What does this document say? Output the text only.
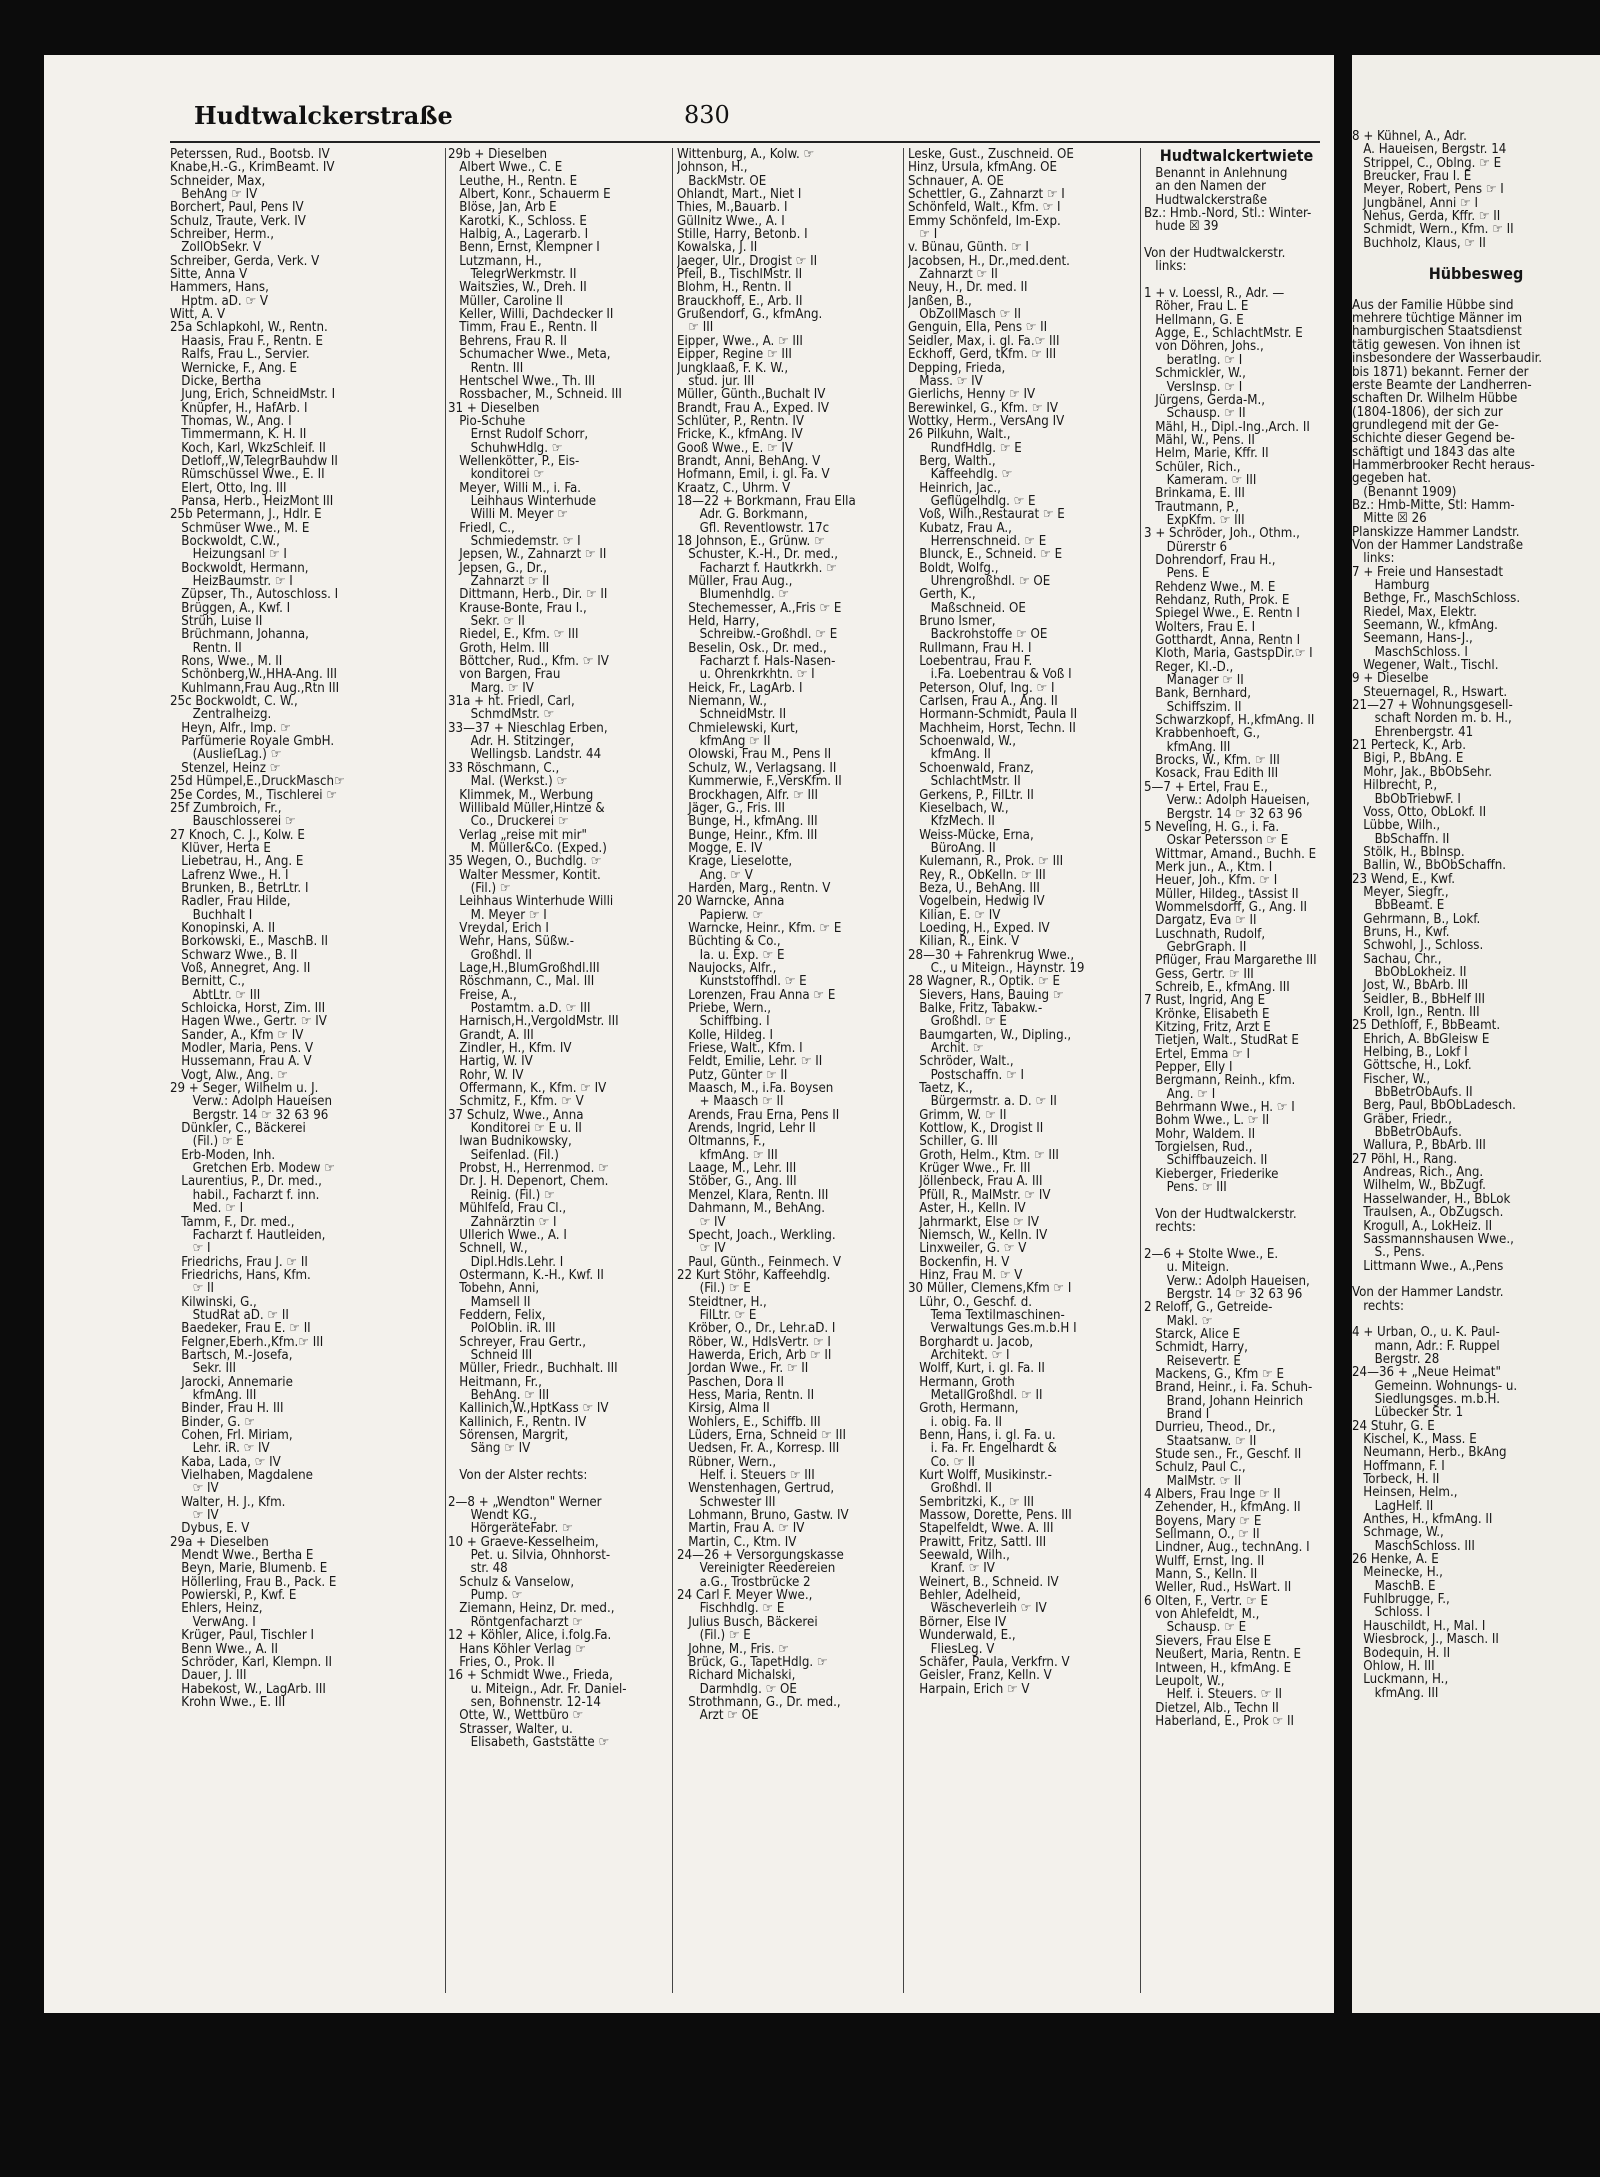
Hudtwalckerstraße	830
Peterssen, Rud., Bootsb. IV
Knabe,H.-G., KrimBeamt. IV
Schneider, Max,
BehAng ☞ IV
Borchert, Paul, Pens IV
Schulz, Traute, Verk. IV
Schreiber, Herm.,
ZollObSekr. V
Schreiber, Gerda, Verk. V
Sitte, Anna V
Hammers, Hans,
Hptm. aD. ☞ V
Witt, A. V
25a Schlapkohl, W., Rentn.
Haasis, Frau F., Rentn. E
Ralfs, Frau L., Servier.
Wernicke, F., Ang. E
Dicke, Bertha
Jung, Erich, SchneidMstr. I
Knüpfer, H., HafArb. I
Thomas, W., Ang. I
Timmermann, K. H. II
Koch, Karl, WkzSchleif. II
Detloff,,W,TelegrBauhdw II
Rümschüssel Wwe., E. II
Elert, Otto, Ing. III
Pansa, Herb., HeizMont III
25b Petermann, J., Hdlr. E
Schmüser Wwe., M. E
Bockwoldt, C.W.,
Heizungsanl ☞ I
Bockwoldt, Hermann,
HeizBaumstr. ☞ I
Züpser, Th., Autoschloss. I
Brüggen, A., Kwf. I
Strüh, Luise II
Brüchmann, Johanna,
Rentn. II
Rons, Wwe., M. II
Schönberg,W.,HHA-Ang. III
Kuhlmann,Frau Aug.,Rtn III
25c Bockwoldt, C. W.,
Zentralheizg.
Heyn, Alfr., Imp. ☞
Parfümerie Royale GmbH.
(AuslieſLag.) ☞
Stenzel, Heinz ☞
25d Hümpel,E.,DruckMasch☞
25e Cordes, M., Tischlerei ☞
25f Zumbroich, Fr.,
Bauschlosserei ☞
27 Knoch, C. J., Kolw. E
Klüver, Herta E
Liebetrau, H., Ang. E
Lafrenz Wwe., H. I
Brunken, B., BetrLtr. I
Radler, Frau Hilde,
Buchhalt I
Konopinski, A. II
Borkowski, E., MaschB. II
Schwarz Wwe., B. II
Voß, Annegret, Ang. II
Bernitt, C.,
AbtLtr. ☞ III
Schloicka, Horst, Zim. III
Hagen Wwe., Gertr. ☞ IV
Sander, A., Kfm ☞ IV
Modler, Maria, Pens. V
Hussemann, Frau A. V
Vogt, Alw., Ang. ☞
29 + Seger, Wilhelm u. J.
Verw.: Adolph Haueisen
Bergstr. 14 ☞ 32 63 96
Dünkler, C., Bäckerei
(Fil.) ☞ E
Erb-Moden, Inh.
Gretchen Erb. Modew ☞
Laurentius, P., Dr. med.,
habil., Facharzt f. inn.
Med. ☞ I
Tamm, F., Dr. med.,
Facharzt f. Hautleiden,
☞ I
Friedrichs, Frau J. ☞ II
Friedrichs, Hans, Kfm.
☞ II
Kilwinski, G.,
StudRat aD. ☞ II
Baedeker, Frau E. ☞ II
Felgner,Eberh.,Kfm.☞ III
Bartsch, M.-Josefa,
Sekr. III
Jarocki, Annemarie
kfmAng. III
Binder, Frau H. III
Binder, G. ☞
Cohen, Frl. Miriam,
Lehr. iR. ☞ IV
Kaba, Lada, ☞ IV
Vielhaben, Magdalene
☞ IV
Walter, H. J., Kfm.
☞ IV
Dybus, E. V
29a + Dieselben
Mendt Wwe., Bertha E
Beyn, Marie, Blumenb. E
Höllerling, Frau B., Pack. E
Powierski, P., Kwf. E
Ehlers, Heinz,
VerwAng. I
Krüger, Paul, Tischler I
Benn Wwe., A. II
Schröder, Karl, Klempn. II
Dauer, J. III
Habekost, W., LagArb. III
Krohn Wwe., E. III
29b + Dieselben
Albert Wwe., C. E
Leuthe, H., Rentn. E
Albert, Konr., Schauerm E
Blöse, Jan, Arb E
Karotki, K., Schloss. E
Halbig, A., Lagerarb. I
Benn, Ernst, Klempner I
Lutzmann, H.,
TelegrWerkmstr. II
Waitszies, W., Dreh. II
Müller, Caroline II
Keller, Willi, Dachdecker II
Timm, Frau E., Rentn. II
Behrens, Frau R. II
Schumacher Wwe., Meta,
Rentn. III
Hentschel Wwe., Th. III
Rossbacher, M., Schneid. III
31 + Dieselben
Pio-Schuhe
Ernst Rudolf Schorr,
SchuhwHdlg. ☞
Wellenkötter, P., Eis-
konditorei ☞
Meyer, Willi M., i. Fa.
Leihhaus Winterhude
Willi M. Meyer ☞
Friedl, C.,
Schmiedemstr. ☞ I
Jepsen, W., Zahnarzt ☞ II
Jepsen, G., Dr.,
Zahnarzt ☞ II
Dittmann, Herb., Dir. ☞ II
Krause-Bonte, Frau I.,
Sekr. ☞ II
Riedel, E., Kfm. ☞ III
Groth, Helm. III
Böttcher, Rud., Kfm. ☞ IV
von Bargen, Frau
Marg. ☞ IV
31a + ht. Friedl, Carl,
SchmdMstr. ☞
33—37 + Nieschlag Erben,
Adr. H. Stitzinger,
Wellingsb. Landstr. 44
33 Röschmann, C.,
Mal. (Werkst.) ☞
Klimmek, M., Werbung
Willibald Müller,Hintze &
Co., Druckerei ☞
Verlag „reise mit mir"
M. Müller&Co. (Exped.)
35 Wegen, O., Buchdlg. ☞
Walter Messmer, Kontit.
(Fil.) ☞
Leihhaus Winterhude Willi
M. Meyer ☞ I
Vreydal, Erich I
Wehr, Hans, Süßw.-
Großhdl. II
Lage,H.,BlumGroßhdl.III
Röschmann, C., Mal. III
Freise, A.,
Postamtm. a.D. ☞ III
Harnisch,H.,VergoldMstr. III
Grandt, A. III
Zindler, H., Kfm. IV
Hartig, W. IV
Rohr, W. IV
Offermann, K., Kfm. ☞ IV
Schmitz, F., Kfm. ☞ V
37 Schulz, Wwe., Anna
Konditorei ☞ E u. II
Iwan Budnikowsky,
Seifenlad. (Fil.)
Probst, H., Herrenmod. ☞
Dr. J. H. Depenort, Chem.
Reinig. (Fil.) ☞
Mühlfeld, Frau Cl.,
Zahnärztin ☞ I
Ullerich Wwe., A. I
Schnell, W.,
Dipl.Hdls.Lehr. I
Ostermann, K.-H., Kwf. II
Tobehn, Anni,
Mamsell II
Feddern, Felix,
PolOblin. iR. III
Schreyer, Frau Gertr.,
Schneid III
Müller, Friedr., Buchhalt. III
Heitmann, Fr.,
BehAng. ☞ III
Kallinich,W.,HptKass ☞ IV
Kallinich, F., Rentn. IV
Sörensen, Margrit,
Säng ☞ IV

Von der Alster rechts:

2—8 + „Wendton" Werner
Wendt KG.,
HörgeräteFabr. ☞
10 + Graeve-Kesselheim,
Pet. u. Silvia, Ohnhorst-
str. 48
Schulz & Vanselow,
Pump. ☞
Ziemann, Heinz, Dr. med.,
Röntgenfacharzt ☞
12 + Köhler, Alice, i.folg.Fa.
Hans Köhler Verlag ☞
Fries, O., Prok. II
16 + Schmidt Wwe., Frieda,
u. Miteign., Adr. Fr. Daniel-
sen, Bohnenstr. 12-14
Otte, W., Wettbüro ☞
Strasser, Walter, u.
Elisabeth, Gaststätte ☞
Wittenburg, A., Kolw. ☞
Johnson, H.,
BackMstr. OE
Ohlandt, Mart., Niet I
Thies, M.,Bauarb. I
Güllnitz Wwe., A. I
Stille, Harry, Betonb. I
Kowalska, J. II
Jaeger, Ulr., Drogist ☞ II
Pfeil, B., TischlMstr. II
Blohm, H., Rentn. II
Brauckhoff, E., Arb. II
Grußendorf, G., kfmAng.
☞ III
Eipper, Wwe., A. ☞ III
Eipper, Regine ☞ III
Jungklaaß, F. K. W.,
stud. jur. III
Müller, Günth.,Buchalt IV
Brandt, Frau A., Exped. IV
Schlüter, P., Rentn. IV
Fricke, K., kfmAng. IV
Gooß Wwe., E. ☞ IV
Brandt, Anni, BehAng. V
Hofmann, Emil, i. gl. Fa. V
Kraatz, C., Uhrm. V
18—22 + Borkmann, Frau Ella
Adr. G. Borkmann,
Gfl. Reventlowstr. 17c
18 Johnson, E., Grünw. ☞
Schuster, K.-H., Dr. med.,
Facharzt f. Hautkrkh. ☞
Müller, Frau Aug.,
Blumenhdlg. ☞
Stechemesser, A.,Fris ☞ E
Held, Harry,
Schreibw.-Großhdl. ☞ E
Beselin, Osk., Dr. med.,
Facharzt f. Hals-Nasen-
u. Ohrenkrkhtn. ☞ I
Heick, Fr., LagArb. I
Niemann, W.,
SchneidMstr. II
Chmielewski, Kurt,
kfmAng ☞ II
Olowski, Frau M., Pens II
Schulz, W., Verlagsang. II
Kummerwie, F.,VersKfm. II
Brockhagen, Alfr. ☞ III
Jäger, G., Fris. III
Bunge, H., kfmAng. III
Bunge, Heinr., Kfm. III
Mogge, E. IV
Krage, Lieselotte,
Ang. ☞ V
Harden, Marg., Rentn. V
20 Warncke, Anna
Papierw. ☞
Warncke, Heinr., Kfm. ☞ E
Büchting & Co.,
Ia. u. Exp. ☞ E
Naujocks, Alfr.,
Kunststoffhdl. ☞ E
Lorenzen, Frau Anna ☞ E
Priebe, Wern.,
Schiffbing. I
Kolle, Hildeg. I
Friese, Walt., Kfm. I
Feldt, Emilie, Lehr. ☞ II
Putz, Günter ☞ II
Maasch, M., i.Fa. Boysen
+ Maasch ☞ II
Arends, Frau Erna, Pens II
Arends, Ingrid, Lehr II
Oltmanns, F.,
kfmAng. ☞ III
Laage, M., Lehr. III
Stöber, G., Ang. III
Menzel, Klara, Rentn. III
Dahmann, M., BehAng.
☞ IV
Specht, Joach., Werkling.
☞ IV
Paul, Günth., Feinmech. V
22 Kurt Stöhr, Kaffeehdlg.
(Fil.) ☞ E
Steidtner, H.,
FilLtr. ☞ E
Kröber, O., Dr., Lehr.aD. I
Röber, W., HdlsVertr. ☞ I
Hawerda, Erich, Arb ☞ II
Jordan Wwe., Fr. ☞ II
Paschen, Dora II
Hess, Maria, Rentn. II
Kirsig, Alma II
Wohlers, E., Schiffb. III
Lüders, Erna, Schneid ☞ III
Uedsen, Fr. A., Korresp. III
Rübner, Wern.,
Helf. i. Steuers ☞ III
Wenstenhagen, Gertrud,
Schwester III
Lohmann, Bruno, Gastw. IV
Martin, Frau A. ☞ IV
Martin, C., Ktm. IV
24—26 + Versorgungskasse
Vereinigter Reedereien
a.G., Trostbrücke 2
24 Carl F. Meyer Wwe.,
Fischhdlg. ☞ E
Julius Busch, Bäckerei
(Fil.) ☞ E
Johne, M., Fris. ☞
Brück, G., TapetHdlg. ☞
Richard Michalski,
Darmhdlg. ☞ OE
Strothmann, G., Dr. med.,
Arzt ☞ OE
Leske, Gust., Zuschneid. OE
Hinz, Ursula, kfmAng. OE
Schnauer, A. OE
Schettler, G., Zahnarzt ☞ I
Schönfeld, Walt., Kfm. ☞ I
Emmy Schönfeld, Im-Exp.
☞ I
v. Bünau, Günth. ☞ I
Jacobsen, H., Dr.,med.dent.
Zahnarzt ☞ II
Neuy, H., Dr. med. II
Janßen, B.,
ObZollMasch ☞ II
Genguin, Ella, Pens ☞ II
Seidler, Max, i. gl. Fa.☞ III
Eckhoff, Gerd, tKfm. ☞ III
Depping, Frieda,
Mass. ☞ IV
Gierlichs, Henny ☞ IV
Berewinkel, G., Kfm. ☞ IV
Wottky, Herm., VersAng IV
26 Pilkuhn, Walt.,
RundfHdlg. ☞ E
Berg, Walth.,
Kaffeehdlg. ☞
Heinrich, Jac.,
Geflügelhdlg. ☞ E
Voß, Wilh.,Restaurat ☞ E
Kubatz, Frau A.,
Herrenschneid. ☞ E
Blunck, E., Schneid. ☞ E
Boldt, Wolfg.,
Uhrengroßhdl. ☞ OE
Gerth, K.,
Maßschneid. OE
Bruno Ismer,
Backrohstoffe ☞ OE
Rullmann, Frau H. I
Loebentrau, Frau F.
i.Fa. Loebentrau & Voß I
Peterson, Oluf, Ing. ☞ I
Carlsen, Frau A., Ang. II
Hormann-Schmidt, Paula II
Machheim, Horst, Techn. II
Schoenwald, W.,
kfmAng. II
Schoenwald, Franz,
SchlachtMstr. II
Gerkens, P., FilLtr. II
Kieselbach, W.,
KfzMech. II
Weiss-Mücke, Erna,
BüroAng. II
Kulemann, R., Prok. ☞ III
Rey, R., ObKelln. ☞ III
Beza, U., BehAng. III
Vogelbein, Hedwig IV
Kilian, E. ☞ IV
Loeding, H., Exped. IV
Kilian, R., Eink. V
28—30 + Fahrenkrug Wwe.,
C., u Miteign., Haynstr. 19
28 Wagner, R., Optik. ☞ E
Sievers, Hans, Bauing ☞
Balke, Fritz, Tabakw.-
Großhdl. ☞ E
Baumgarten, W., Dipling.,
Archit. ☞
Schröder, Walt.,
Postschaffn. ☞ I
Taetz, K.,
Bürgermstr. a. D. ☞ II
Grimm, W. ☞ II
Kottlow, K., Drogist II
Schiller, G. III
Groth, Helm., Ktm. ☞ III
Krüger Wwe., Fr. III
Jöllenbeck, Frau A. III
Pfüll, R., MalMstr. ☞ IV
Aster, H., Kelln. IV
Jahrmarkt, Else ☞ IV
Niemsch, W., Kelln. IV
Linxweiler, G. ☞ V
Bockenfin, H. V
Hinz, Frau M. ☞ V
30 Müller, Clemens,Kfm ☞ I
Lühr, O., Geschf. d.
Tema Textilmaschinen-
Verwaltungs Ges.m.b.H I
Borghardt u. Jacob,
Architekt. ☞ I
Wolff, Kurt, i. gl. Fa. II
Hermann, Groth
MetallGroßhdl. ☞ II
Groth, Hermann,
i. obig. Fa. II
Benn, Hans, i. gl. Fa. u.
i. Fa. Fr. Engelhardt &
Co. ☞ II
Kurt Wolff, Musikinstr.-
Großhdl. II
Sembritzki, K., ☞ III
Massow, Dorette, Pens. III
Stapelfeldt, Wwe. A. III
Prawitt, Fritz, Sattl. III
Seewald, Wilh.,
Kranf. ☞ IV
Weinert, B., Schneid. IV
Behler, Adelheid,
Wäscheverleih ☞ IV
Börner, Else IV
Wunderwald, E.,
FliesLeg. V
Schäfer, Paula, Verkfrn. V
Geisler, Franz, Kelln. V
Harpain, Erich ☞ V
Hudtwalckertwiete
Benannt in Anlehnung
an den Namen der
Hudtwalckerstraße
Bz.: Hmb.-Nord, Stl.: Winter-
hude ☒ 39

Von der Hudtwalckerstr.
links:

1 + v. Loessl, R., Adr. —
Röher, Frau L. E
Hellmann, G. E
Agge, E., SchlachtMstr. E
von Döhren, Johs.,
beratIng. ☞ I
Schmickler, W.,
VersInsp. ☞ I
Jürgens, Gerda-M.,
Schausp. ☞ II
Mähl, H., Dipl.-Ing.,Arch. II
Mähl, W., Pens. II
Helm, Marie, Kffr. II
Schüler, Rich.,
Kameram. ☞ III
Brinkama, E. III
Trautmann, P.,
ExpKfm. ☞ III
3 + Schröder, Joh., Othm.,
Dürerstr 6
Dohrendorf, Frau H.,
Pens. E
Rehdenz Wwe., M. E
Rehdanz, Ruth, Prok. E
Spiegel Wwe., E. Rentn I
Wolters, Frau E. I
Gotthardt, Anna, Rentn I
Kloth, Maria, GastspDir.☞ I
Reger, Kl.-D.,
Manager ☞ II
Bank, Bernhard,
Schiffszim. II
Schwarzkopf, H.,kfmAng. II
Krabbenhoeft, G.,
kfmAng. III
Brocks, W., Kfm. ☞ III
Kosack, Frau Edith III
5—7 + Ertel, Frau E.,
Verw.: Adolph Haueisen,
Bergstr. 14 ☞ 32 63 96
5 Neveling, H. G., i. Fa.
Oskar Petersson ☞ E
Wittmar, Amand., Buchh. E
Merk jun., A., Ktm. I
Heuer, Joh., Kfm. ☞ I
Müller, Hildeg., tAssist II
Wommelsdorff, G., Ang. II
Dargatz, Eva ☞ II
Luschnath, Rudolf,
GebrGraph. II
Pflüger, Frau Margarethe III
Gess, Gertr. ☞ III
Schreib, E., kfmAng. III
7 Rust, Ingrid, Ang E
Krönke, Elisabeth E
Kitzing, Fritz, Arzt E
Tietjen, Walt., StudRat E
Ertel, Emma ☞ I
Pepper, Elly I
Bergmann, Reinh., kfm.
Ang. ☞ I
Behrmann Wwe., H. ☞ I
Bohm Wwe., L. ☞ II
Mohr, Waldem. II
Torgielsen, Rud.,
Schiffbauzeich. II
Kieberger, Friederike
Pens. ☞ III

Von der Hudtwalckerstr.
rechts:

2—6 + Stolte Wwe., E.
u. Miteign.
Verw.: Adolph Haueisen,
Bergstr. 14 ☞ 32 63 96
2 Reloff, G., Getreide-
Makl. ☞
Starck, Alice E
Schmidt, Harry,
Reisevertr. E
Mackens, G., Kfm ☞ E
Brand, Heinr., i. Fa. Schuh-
Brand, Johann Heinrich
Brand I
Durrieu, Theod., Dr.,
Staatsanw. ☞ II
Stude sen., Fr., Geschf. II
Schulz, Paul C.,
MalMstr. ☞ II
4 Albers, Frau Inge ☞ II
Zehender, H., kfmAng. II
Boyens, Mary ☞ E
Sellmann, O., ☞ II
Lindner, Aug., technAng. I
Wulff, Ernst, Ing. II
Mann, S., Kelln. II
Weller, Rud., HsWart. II
6 Olten, F., Vertr. ☞ E
von Ahlefeldt, M.,
Schausp. ☞ E
Sievers, Frau Else E
Neußert, Maria, Rentn. E
Intween, H., kfmAng. E
Leupolt, W.,
Helf. i. Steuers. ☞ II
Dietzel, Alb., Techn II
Haberland, E., Prok ☞ II
8 + Kühnel, A., Adr.
A. Haueisen, Bergstr. 14
Strippel, C., Oblng. ☞ E
Breucker, Frau I. E
Meyer, Robert, Pens ☞ I
Jungbänel, Anni ☞ I
Nehus, Gerda, Kffr. ☞ II
Schmidt, Wern., Kfm. ☞ II
Buchholz, Klaus, ☞ II

Hübbesweg

Aus der Familie Hübbe sind
mehrere tüchtige Männer im
hamburgischen Staatsdienst
tätig gewesen. Von ihnen ist
insbesondere der Wasserbaudir.
bis 1871) bekannt. Ferner der
erste Beamte der Landherren-
schaften Dr. Wilhelm Hübbe
(1804-1806), der sich zur
grundlegend mit der Ge-
schichte dieser Gegend be-
schäftigt und 1843 das alte
Hammerbrooker Recht heraus-
gegeben hat.
(Benannt 1909)
Bz.: Hmb-Mitte, Stl: Hamm-
Mitte ☒ 26
Planskizze Hammer Landstr.
Von der Hammer Landstraße
links:
7 + Freie und Hansestadt
Hamburg
Bethge, Fr., MaschSchloss.
Riedel, Max, Elektr.
Seemann, W., kfmAng.
Seemann, Hans-J.,
MaschSchloss. I
Wegener, Walt., Tischl.
9 + Dieselbe
Steuernagel, R., Hswart.
21—27 + Wohnungsgesell-
schaft Norden m. b. H.,
Ehrenbergstr. 41
21 Perteck, K., Arb.
Bigi, P., BbAng. E
Mohr, Jak., BbObSehr.
Hilbrecht, P.,
BbObTriebwF. I
Voss, Otto, ObLokf. II
Lübbe, Wilh.,
BbSchaffn. II
Stölk, H., BbInsp.
Ballin, W., BbObSchaffn.
23 Wend, E., Kwf.
Meyer, Siegfr.,
BbBeamt. E
Gehrmann, B., Lokf.
Bruns, H., Kwf.
Schwohl, J., Schloss.
Sachau, Chr.,
BbObLokheiz. II
Jost, W., BbArb. III
Seidler, B., BbHelf III
Kroll, Ign., Rentn. III
25 Dethloff, F., BbBeamt.
Ehrich, A. BbGleisw E
Helbing, B., Lokf I
Göttsche, H., Lokf.
Fischer, W.,
BbBetrObAufs. II
Berg, Paul, BbObLadesch.
Gräber, Friedr.,
BbBetrObAufs.
Wallura, P., BbArb. III
27 Pöhl, H., Rang.
Andreas, Rich., Ang.
Wilhelm, W., BbZugf.
Hasselwander, H., BbLok
Traulsen, A., ObZugsch.
Krogull, A., LokHeiz. II
Sassmannshausen Wwe.,
S., Pens.
Littmann Wwe., A.,Pens

Von der Hammer Landstr.
rechts:

4 + Urban, O., u. K. Paul-
mann, Adr.: F. Ruppel
Bergstr. 28
24—36 + „Neue Heimat"
Gemeinn. Wohnungs- u.
Siedlungsges. m.b.H.
Lübecker Str. 1
24 Stuhr, G. E
Kischel, K., Mass. E
Neumann, Herb., BkAng
Hoffmann, F. I
Torbeck, H. II
Heinsen, Helm.,
LagHelf. II
Anthes, H., kfmAng. II
Schmage, W.,
MaschSchloss. III
26 Henke, A. E
Meinecke, H.,
MaschB. E
Fuhlbrugge, F.,
Schloss. I
Hauschildt, H., Mal. I
Wiesbrock, J., Masch. II
Bodequin, H. II
Ohlow, H. III
Luckmann, H.,
kfmAng. III
